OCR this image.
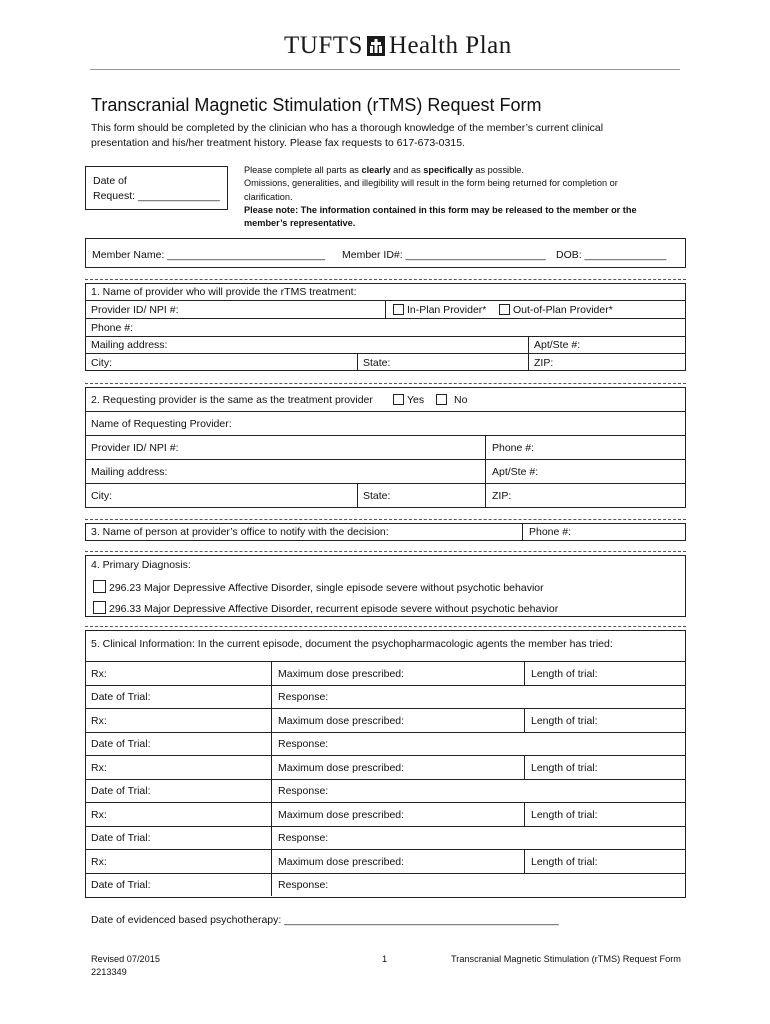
TUFTS Health Plan
Transcranial Magnetic Stimulation (rTMS) Request Form
This form should be completed by the clinician who has a thorough knowledge of the member’s current clinical
presentation and his/her treatment history. Please fax requests to 617-673-0315.
Date of
Request: ______________
Please complete all parts as clearly and as specifically as possible.
Omissions, generalities, and illegibility will result in the form being returned for completion or
clarification.
Please note: The information contained in this form may be released to the member or the
member’s representative.
Member Name: ___________________________ Member ID#: ________________________ DOB: ______________
1. Name of provider who will provide the rTMS treatment:
Provider ID/ NPI #:	In-Plan Provider*	Out-of-Plan Provider*
Phone #:
Mailing address:	Apt/Ste #:
City:	State:	ZIP:
2. Requesting provider is the same as the treatment provider	Yes	No
Name of Requesting Provider:
Provider ID/ NPI #:	Phone #:
Mailing address:	Apt/Ste #:
City:	State:	ZIP:
3. Name of person at provider’s office to notify with the decision:	Phone #:
4. Primary Diagnosis:
296.23 Major Depressive Affective Disorder, single episode severe without psychotic behavior
296.33 Major Depressive Affective Disorder, recurrent episode severe without psychotic behavior
5. Clinical Information: In the current episode, document the psychopharmacologic agents the member has tried:
Rx:	Maximum dose prescribed:	Length of trial:
Date of Trial:	Response:
Rx:	Maximum dose prescribed:	Length of trial:
Date of Trial:	Response:
Rx:	Maximum dose prescribed:	Length of trial:
Date of Trial:	Response:
Rx:	Maximum dose prescribed:	Length of trial:
Date of Trial:	Response:
Rx:	Maximum dose prescribed:	Length of trial:
Date of Trial:	Response:
Date of evidenced based psychotherapy: _______________________________________________
Revised 07/2015
2213349
1	Transcranial Magnetic Stimulation (rTMS) Request Form
